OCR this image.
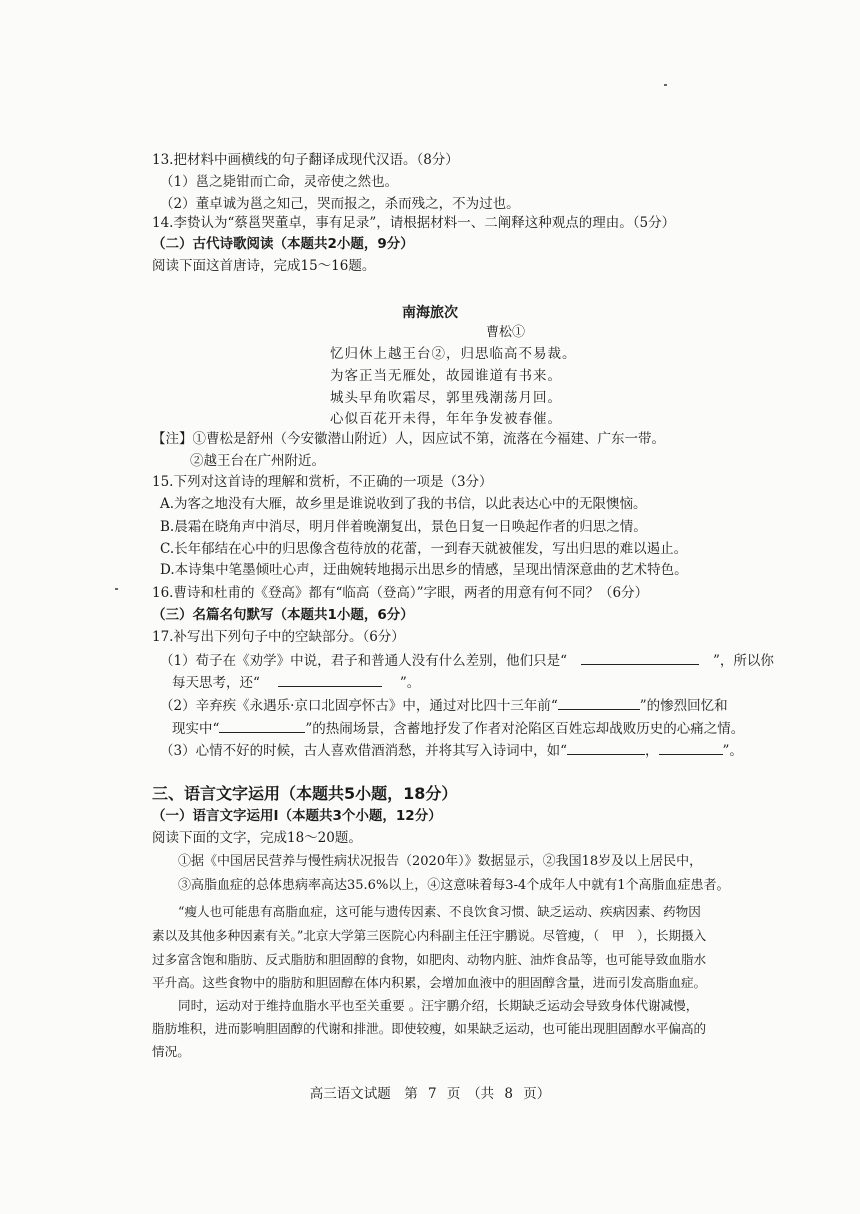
13.把材料中画横线的句子翻译成现代汉语。（8分）
（1）邕之毙钳而亡命，灵帝使之然也。
（2）董卓诚为邕之知己，哭而报之，杀而残之，不为过也。
14.李贽认为“蔡邕哭董卓，事有足录”，请根据材料一、二阐释这种观点的理由。（5分）
（二）古代诗歌阅读（本题共2小题，9分）
阅读下面这首唐诗，完成15～16题。
南海旅次
曹松①
忆归休上越王台②，归思临高不易裁。
为客正当无雁处，故园谁道有书来。
城头早角吹霜尽，郭里残潮荡月回。
心似百花开未得，年年争发被春催。
【注】①曹松是舒州（今安徽潜山附近）人，因应试不第，流落在今福建、广东一带。
②越王台在广州附近。
15.下列对这首诗的理解和赏析，不正确的一项是（3分）
A.为客之地没有大雁，故乡里是谁说收到了我的书信，以此表达心中的无限懊恼。
B.晨霜在晓角声中消尽，明月伴着晚潮复出，景色日复一日唤起作者的归思之情。
C.长年郁结在心中的归思像含苞待放的花蕾，一到春天就被催发，写出归思的难以遏止。
D.本诗集中笔墨倾吐心声，迂曲婉转地揭示出思乡的情感，呈现出情深意曲的艺术特色。
16.曹诗和杜甫的《登高》都有“临高（登高）”字眼，两者的用意有何不同？（6分）
（三）名篇名句默写（本题共1小题，6分）
17.补写出下列句子中的空缺部分。（6分）
（1）荀子在《劝学》中说，君子和普通人没有什么差别，他们只是“	”，所以你
每天思考，还“	”。
（2）辛弃疾《永遇乐·京口北固亭怀古》中，通过对比四十三年前“	”的惨烈回忆和
现实中“	”的热闹场景，含蓄地抒发了作者对沦陷区百姓忘却战败历史的心痛之情。
（3）心情不好的时候，古人喜欢借酒消愁，并将其写入诗词中，如“	，	”。
三、语言文字运用（本题共5小题，18分）
（一）语言文字运用Ⅰ（本题共3个小题，12分）
阅读下面的文字，完成18～20题。
①据《中国居民营养与慢性病状况报告（2020年）》数据显示，②我国18岁及以上居民中，
③高脂血症的总体患病率高达35.6%以上，④这意味着每3-4个成年人中就有1个高脂血症患者。
“瘦人也可能患有高脂血症，这可能与遗传因素、不良饮食习惯、缺乏运动、疾病因素、药物因
素以及其他多种因素有关。”北京大学第三医院心内科副主任汪宇鹏说。尽管瘦，（　甲　），长期摄入
过多富含饱和脂肪、反式脂肪和胆固醇的食物，如肥肉、动物内脏、油炸食品等，也可能导致血脂水
平升高。这些食物中的脂肪和胆固醇在体内积累，会增加血液中的胆固醇含量，进而引发高脂血症。
同时，运动对于维持血脂水平也至关重要 。汪宇鹏介绍，长期缺乏运动会导致身体代谢减慢，
脂肪堆积，进而影响胆固醇的代谢和排泄。即使较瘦，如果缺乏运动，也可能出现胆固醇水平偏高的
情况。
高三语文试题　第 7 页　（共 8 页）
